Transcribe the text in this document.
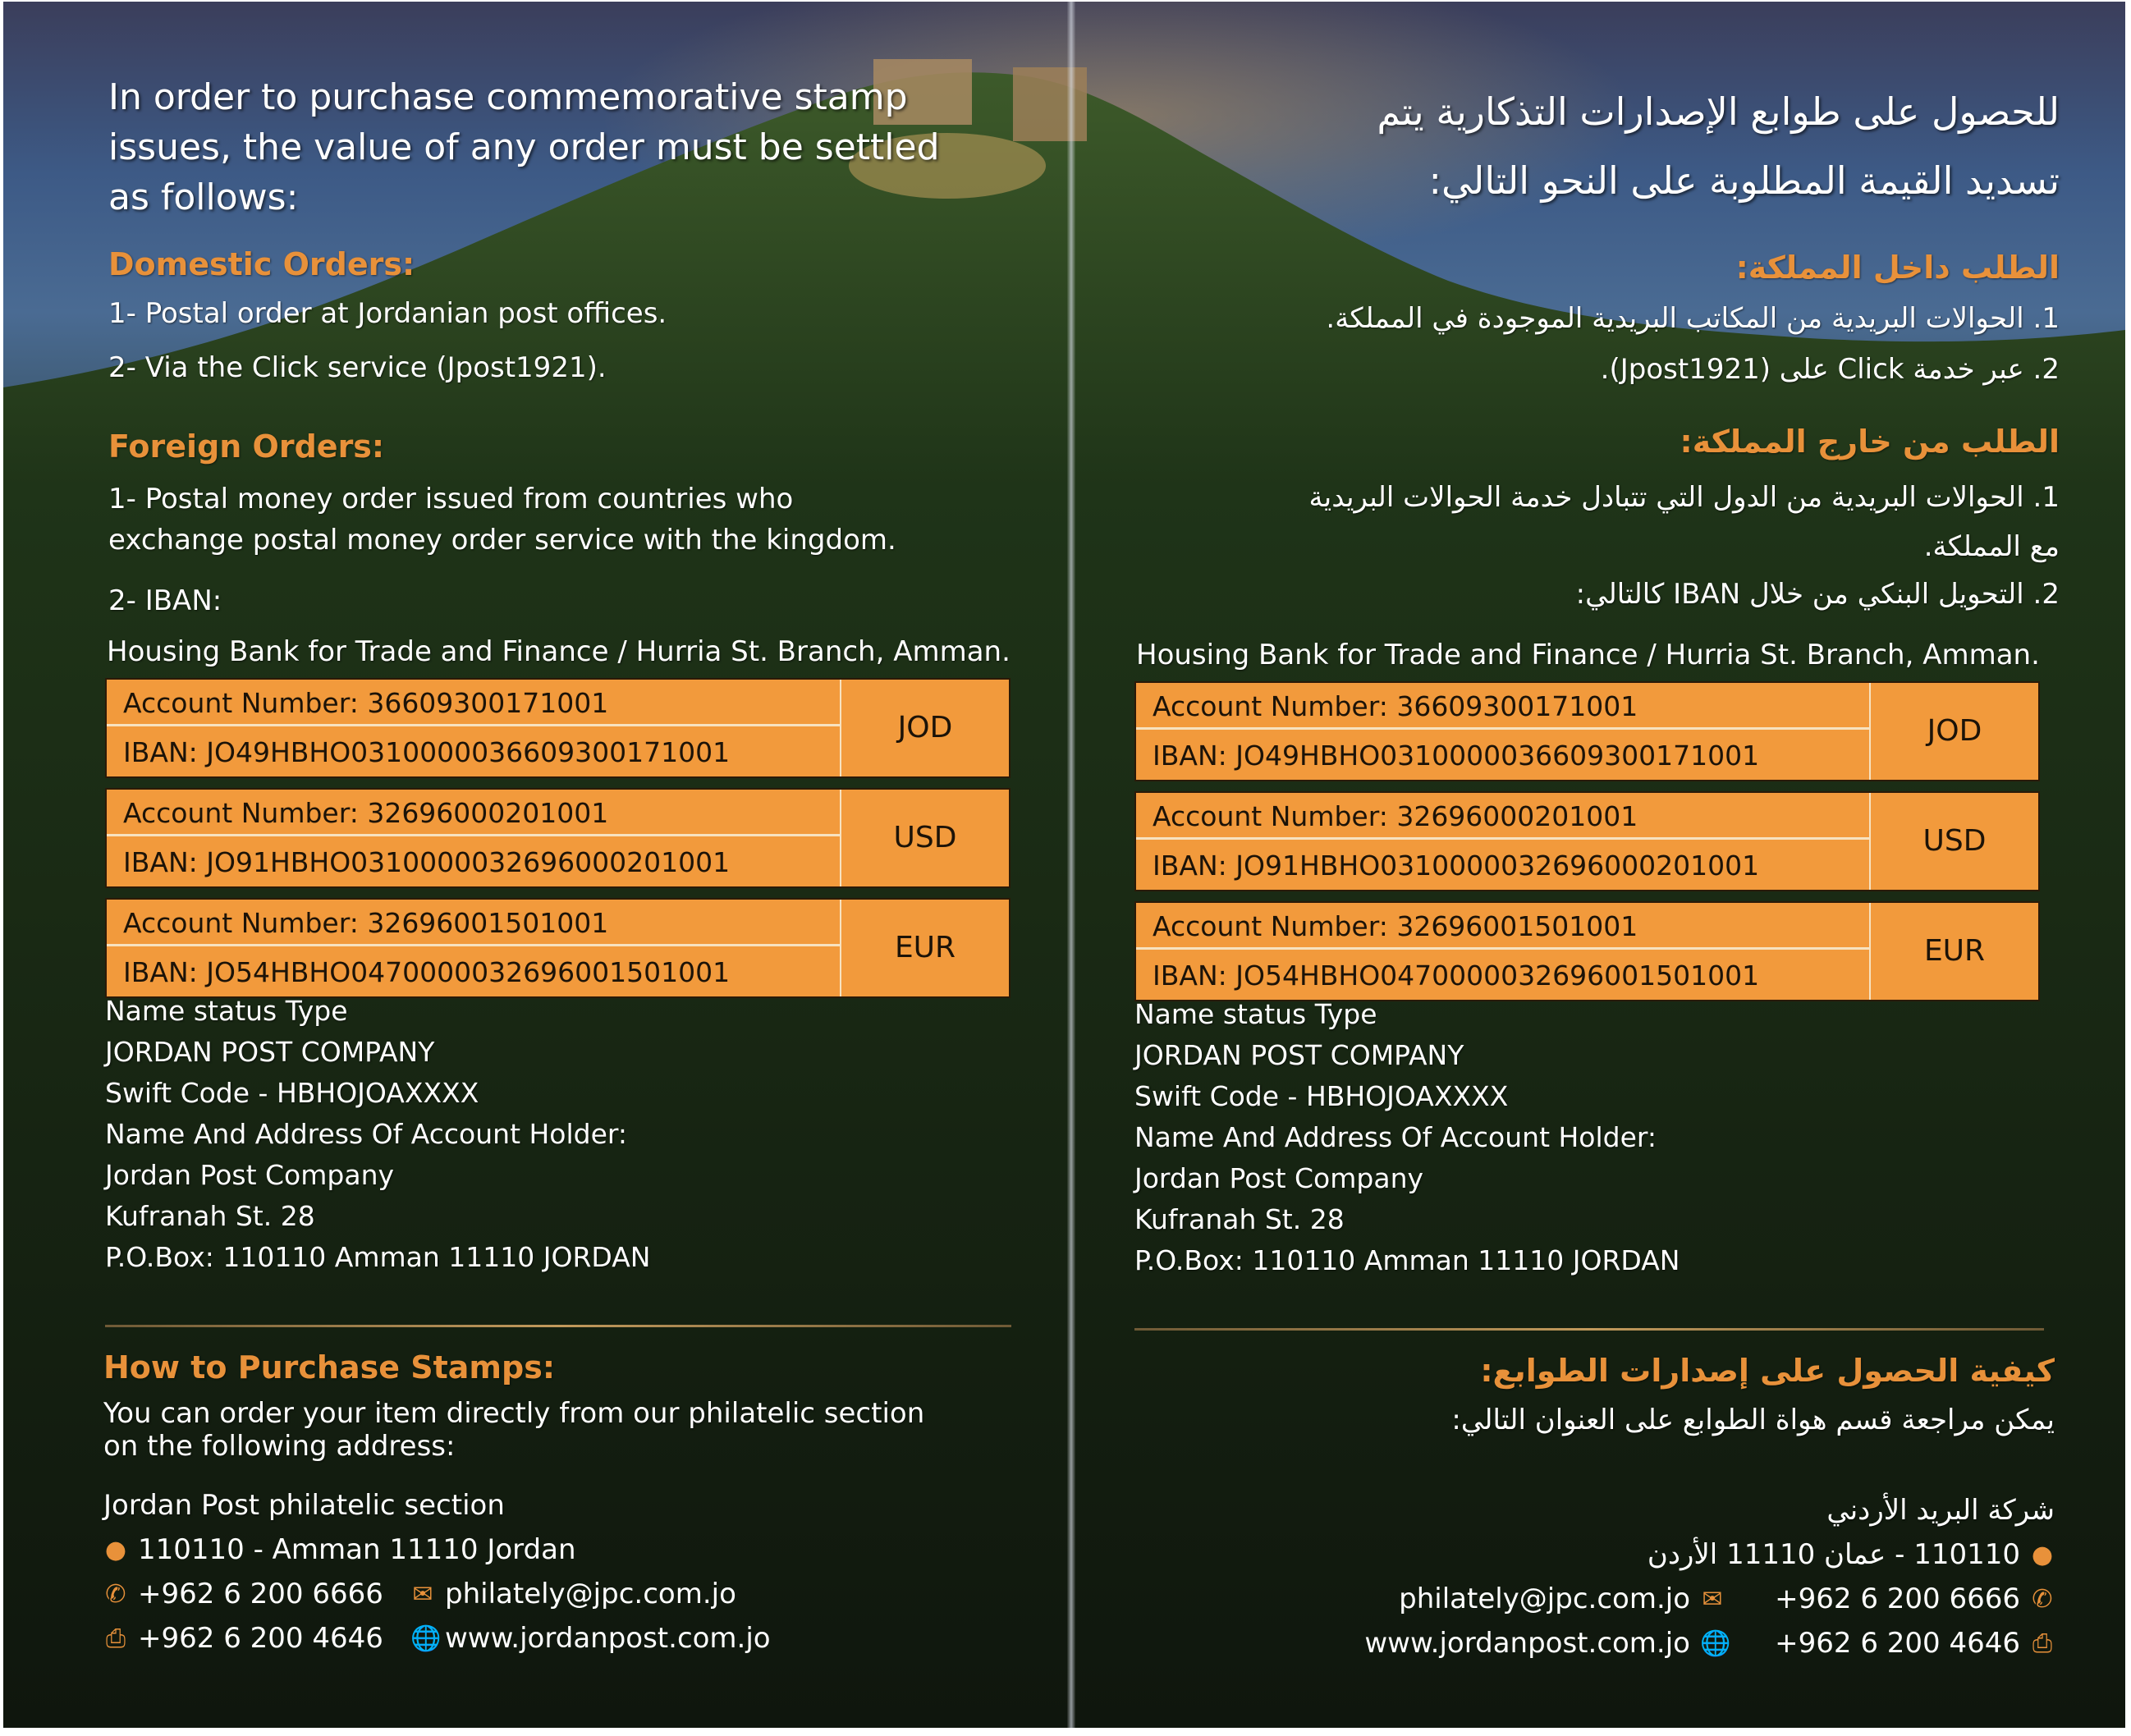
In order to purchase commemorative stamp
issues, the value of any order must be settled
as follows:
Domestic Orders:
1- Postal order at Jordanian post offices.
2- Via the Click service (Jpost1921).
Foreign Orders:
1- Postal money order issued from countries who
exchange postal money order service with the kingdom.
2- IBAN:
Housing Bank for Trade and Finance / Hurria St. Branch, Amman.
Account Number: 36609300171001
IBAN: JO49HBHO0310000036609300171001
JOD
Account Number: 32696000201001
IBAN: JO91HBHO0310000032696000201001
USD
Account Number: 32696001501001
IBAN: JO54HBHO0470000032696001501001
EUR
Name status Type
JORDAN POST COMPANY
Swift Code - HBHOJOAXXXX
Name And Address Of Account Holder:
Jordan Post Company
Kufranah St. 28
P.O.Box: 110110 Amman 11110 JORDAN
How to Purchase Stamps:
You can order your item directly from our philatelic section
on the following address:
Jordan Post philatelic section
● 110110 - Amman 11110 Jordan
✆ +962 6 200 6666 ✉ philately@jpc.com.jo
⎙ +962 6 200 4646 🌐 www.jordanpost.com.jo
للحصول على طوابع الإصدارات التذكارية يتم
تسديد القيمة المطلوبة على النحو التالي:
الطلب داخل المملكة:
1. الحوالات البريدية من المكاتب البريدية الموجودة في المملكة.
2. عبر خدمة Click على (Jpost1921).
الطلب من خارج المملكة:
1. الحوالات البريدية من الدول التي تتبادل خدمة الحوالات البريدية
مع المملكة.
2. التحويل البنكي من خلال IBAN كالتالي:
Housing Bank for Trade and Finance / Hurria St. Branch, Amman.
Account Number: 36609300171001
IBAN: JO49HBHO0310000036609300171001
JOD
Account Number: 32696000201001
IBAN: JO91HBHO0310000032696000201001
USD
Account Number: 32696001501001
IBAN: JO54HBHO0470000032696001501001
EUR
Name status Type
JORDAN POST COMPANY
Swift Code - HBHOJOAXXXX
Name And Address Of Account Holder:
Jordan Post Company
Kufranah St. 28
P.O.Box: 110110 Amman 11110 JORDAN
كيفية الحصول على إصدارات الطوابع:
يمكن مراجعة قسم هواة الطوابع على العنوان التالي:
شركة البريد الأردني
●
110110 - عمان 11110 الأردن
✆
+962 6 200 6666
✉
philately@jpc.com.jo
⎙
+962 6 200 4646
🌐
www.jordanpost.com.jo
